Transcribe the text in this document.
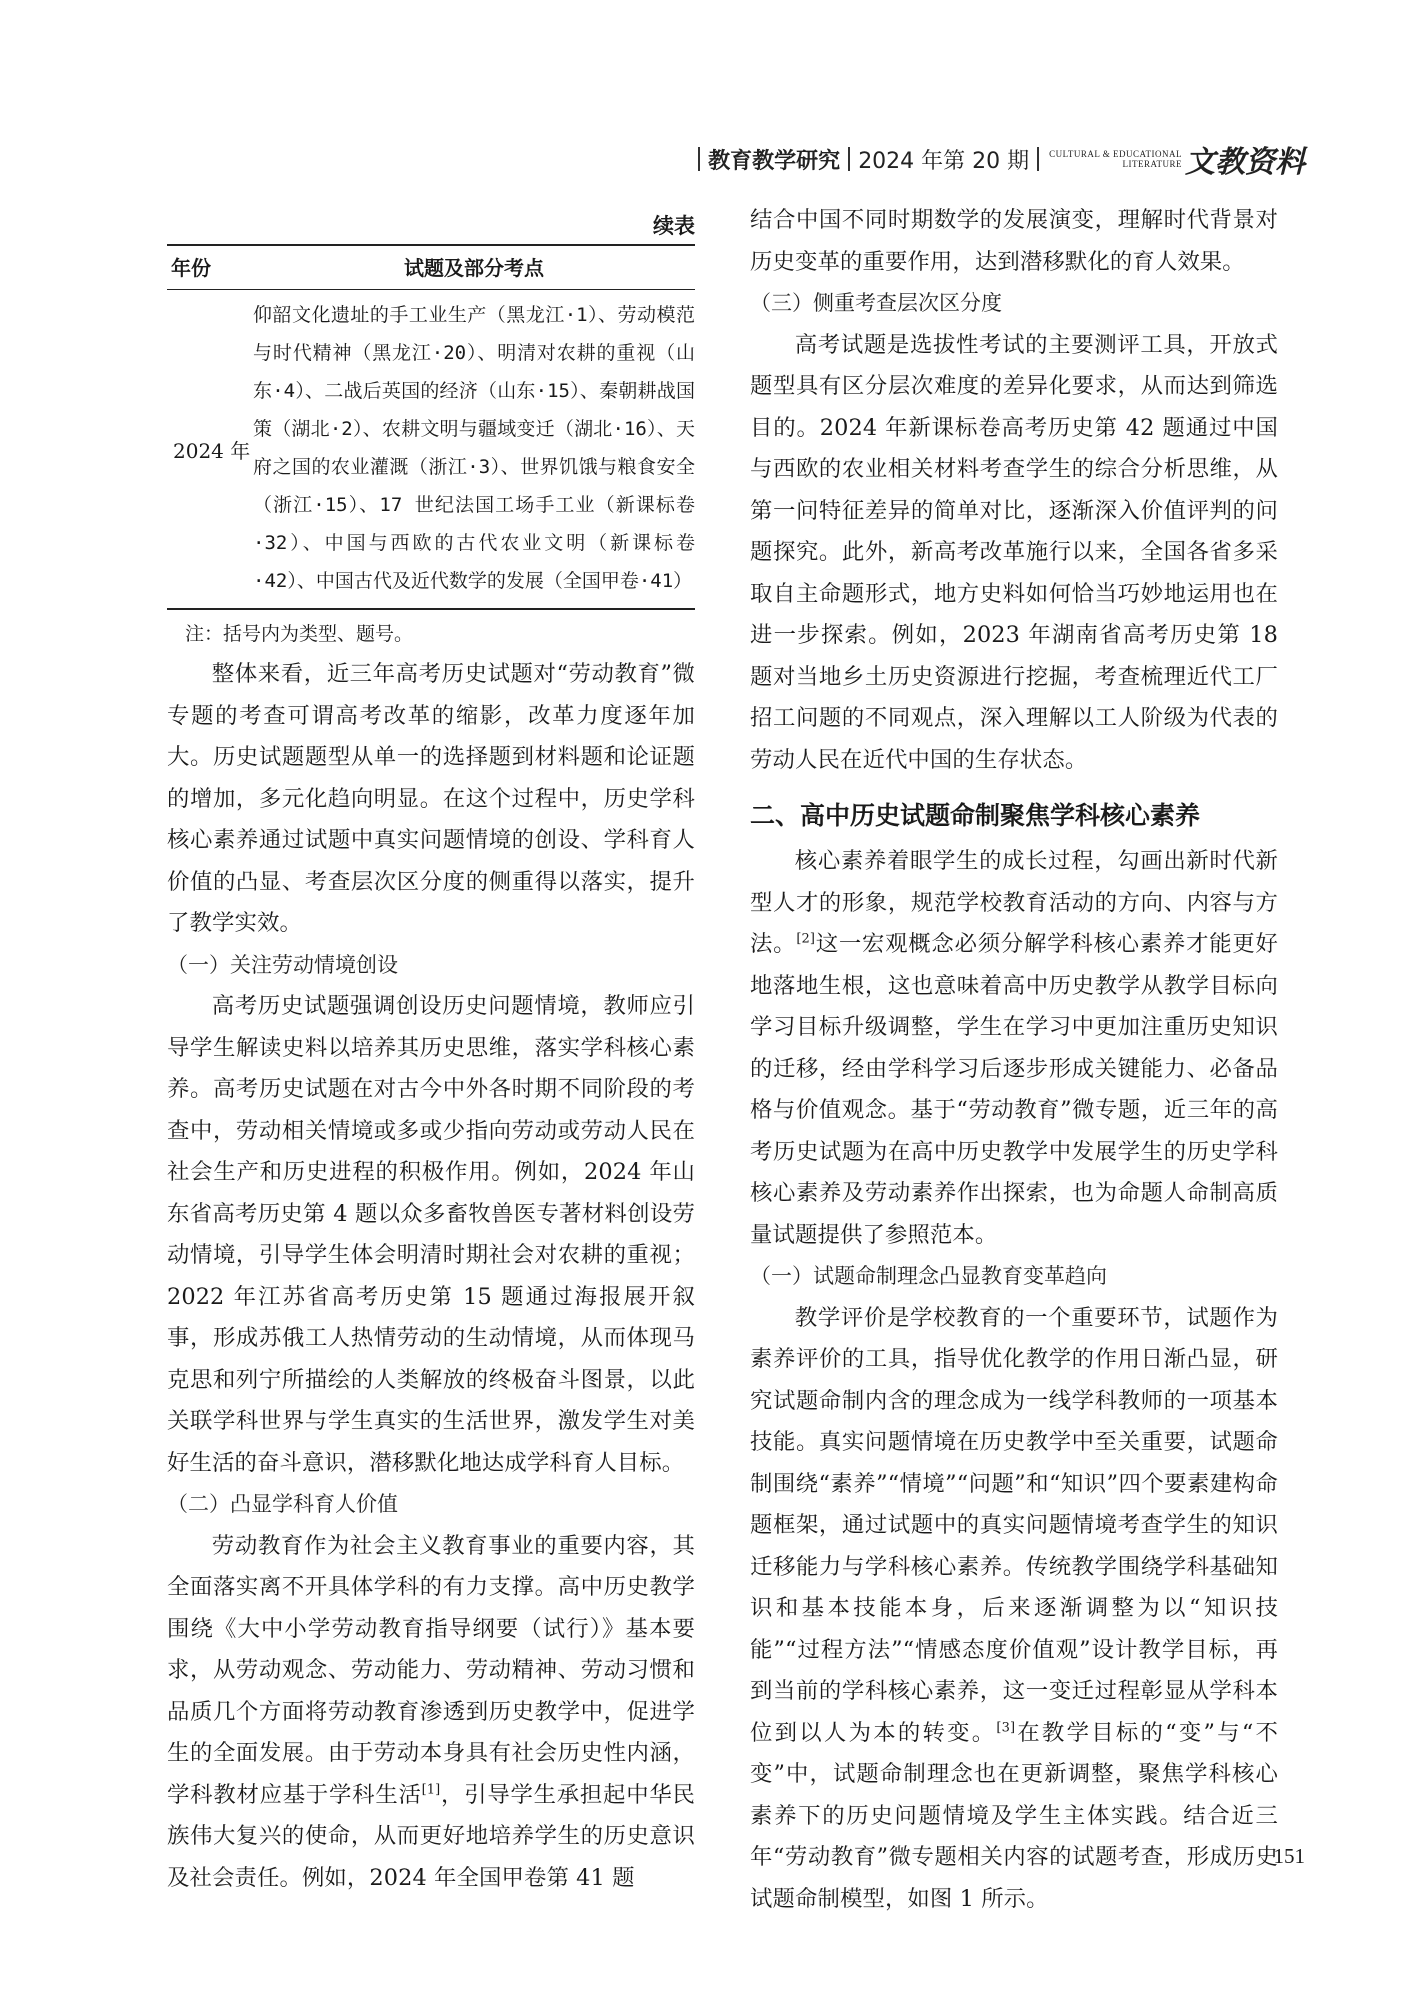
教育教学研究 2024 年第 20 期 CULTURAL & EDUCATIONAL
LITERATURE 文教资料
续表
年份	试题及部分考点
2024 年	仰韶文化遗址的手工业生产（黑龙江·1）、劳动模范与时代精神（黑龙江·20）、明清对农耕的重视（山东·4）、二战后英国的经济（山东·15）、秦朝耕战国策（湖北·2）、农耕文明与疆域变迁（湖北·16）、天府之国的农业灌溉（浙江·3）、世界饥饿与粮食安全（浙江·15）、17 世纪法国工场手工业（新课标卷·32）、中国与西欧的古代农业文明（新课标卷·42）、中国古代及近代数学的发展（全国甲卷·41）
注：括号内为类型、题号。

整体来看，近三年高考历史试题对“劳动教育”微专题的考查可谓高考改革的缩影，改革力度逐年加大。历史试题题型从单一的选择题到材料题和论证题的增加，多元化趋向明显。在这个过程中，历史学科核心素养通过试题中真实问题情境的创设、学科育人价值的凸显、考查层次区分度的侧重得以落实，提升了教学实效。

（一）关注劳动情境创设

高考历史试题强调创设历史问题情境，教师应引导学生解读史料以培养其历史思维，落实学科核心素养。高考历史试题在对古今中外各时期不同阶段的考查中，劳动相关情境或多或少指向劳动或劳动人民在社会生产和历史进程的积极作用。例如，2024 年山东省高考历史第 4 题以众多畜牧兽医专著材料创设劳动情境，引导学生体会明清时期社会对农耕的重视；2022 年江苏省高考历史第 15 题通过海报展开叙事，形成苏俄工人热情劳动的生动情境，从而体现马克思和列宁所描绘的人类解放的终极奋斗图景，以此关联学科世界与学生真实的生活世界，激发学生对美好生活的奋斗意识，潜移默化地达成学科育人目标。

（二）凸显学科育人价值

劳动教育作为社会主义教育事业的重要内容，其全面落实离不开具体学科的有力支撑。高中历史教学围绕《大中小学劳动教育指导纲要（试行）》基本要求，从劳动观念、劳动能力、劳动精神、劳动习惯和品质几个方面将劳动教育渗透到历史教学中，促进学生的全面发展。由于劳动本身具有社会历史性内涵，学科教材应基于学科生活[1]，引导学生承担起中华民族伟大复兴的使命，从而更好地培养学生的历史意识及社会责任。例如，2024 年全国甲卷第 41 题

结合中国不同时期数学的发展演变，理解时代背景对历史变革的重要作用，达到潜移默化的育人效果。

（三）侧重考查层次区分度

高考试题是选拔性考试的主要测评工具，开放式题型具有区分层次难度的差异化要求，从而达到筛选目的。2024 年新课标卷高考历史第 42 题通过中国与西欧的农业相关材料考查学生的综合分析思维，从第一问特征差异的简单对比，逐渐深入价值评判的问题探究。此外，新高考改革施行以来，全国各省多采取自主命题形式，地方史料如何恰当巧妙地运用也在进一步探索。例如，2023 年湖南省高考历史第 18 题对当地乡土历史资源进行挖掘，考查梳理近代工厂招工问题的不同观点，深入理解以工人阶级为代表的劳动人民在近代中国的生存状态。

二、高中历史试题命制聚焦学科核心素养

核心素养着眼学生的成长过程，勾画出新时代新型人才的形象，规范学校教育活动的方向、内容与方法。[2]这一宏观概念必须分解学科核心素养才能更好地落地生根，这也意味着高中历史教学从教学目标向学习目标升级调整，学生在学习中更加注重历史知识的迁移，经由学科学习后逐步形成关键能力、必备品格与价值观念。基于“劳动教育”微专题，近三年的高考历史试题为在高中历史教学中发展学生的历史学科核心素养及劳动素养作出探索，也为命题人命制高质量试题提供了参照范本。

（一）试题命制理念凸显教育变革趋向

教学评价是学校教育的一个重要环节，试题作为素养评价的工具，指导优化教学的作用日渐凸显，研究试题命制内含的理念成为一线学科教师的一项基本技能。真实问题情境在历史教学中至关重要，试题命制围绕“素养”“情境”“问题”和“知识”四个要素建构命题框架，通过试题中的真实问题情境考查学生的知识迁移能力与学科核心素养。传统教学围绕学科基础知识和基本技能本身，后来逐渐调整为以“知识技能”“过程方法”“情感态度价值观”设计教学目标，再到当前的学科核心素养，这一变迁过程彰显从学科本位到以人为本的转变。[3]在教学目标的“变”与“不变”中，试题命制理念也在更新调整，聚焦学科核心素养下的历史问题情境及学生主体实践。结合近三年“劳动教育”微专题相关内容的试题考查，形成历史试题命制模型，如图 1 所示。

151
